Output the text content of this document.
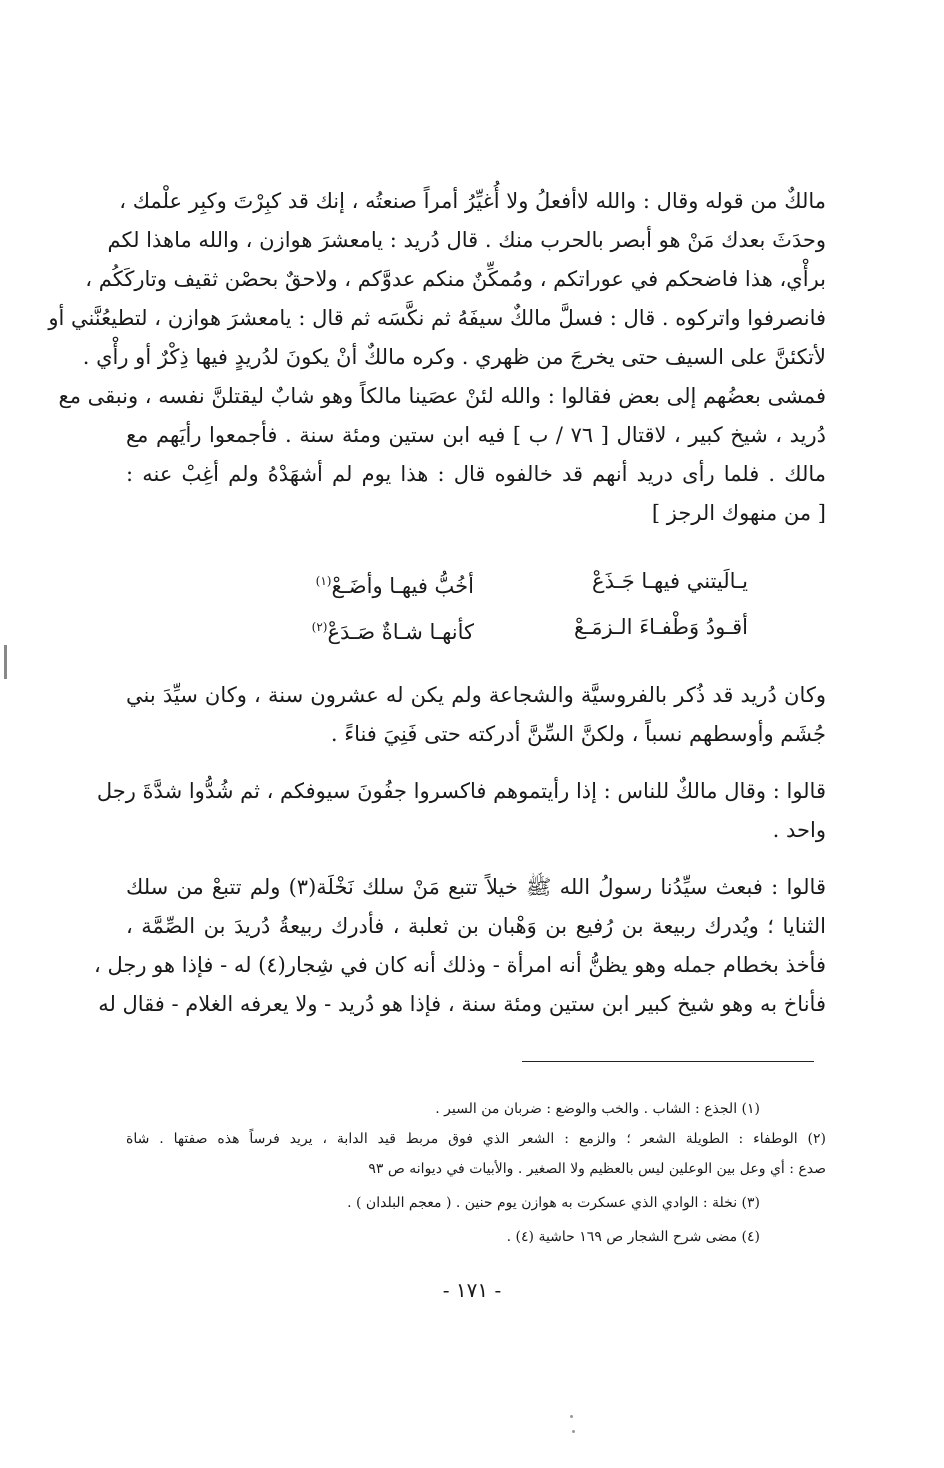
مالكٌ من قوله وقال : والله لاأفعلُ ولا أُغيِّرُ أمراً صنعتُه ، إنك قد كبِرْتَ وكبِر علْمك ،
وحدَثَ بعدك مَنْ هو أبصر بالحرب منك . قال دُريد : يامعشرَ هوازن ، والله ماهذا لكم
برأْي، هذا فاضحكم في عوراتكم ، ومُمكِّنٌ منكم عدوَّكم ، ولاحقٌ بحصْن ثقيف وتاركَكُم ،
فانصرفوا واتركوه . قال : فسلَّ مالكٌ سيفَهُ ثم نكَّسَه ثم قال : يامعشرَ هوازن ، لتطيعُنَّني أو
لأتكئنَّ على السيف حتى يخرجَ من ظهري . وكره مالكٌ أنْ يكونَ لدُريدٍ فيها ذِكْرٌ أو رأْي .
فمشى بعضُهم إلى بعض فقالوا : والله لئنْ عصَينا مالكاً وهو شابٌ ليقتلنَّ نفسه ، ونبقى مع
دُريد ، شيخ كبير ، لاقتال [ ٧٦ / ب ] فيه ابن ستين ومئة سنة . فأجمعوا رأيَهم مع
مالك . فلما رأى دريد أنهم قد خالفوه قال : هذا يوم لم أشهَدْهُ ولم أغِبْ عنه :
[ من منهوك الرجز ]
يـالَيتني فيهـا جَـذَعْ
أخُبُّ فيهـا وأضَـعْ$^{(١)}$
أقـودُ وَطْفـاءَ الـزمَـعْ
كأنهـا شـاةٌ صَـدَعْ$^{(٢)}$
وكان دُريد قد ذُكر بالفروسيَّة والشجاعة ولم يكن له عشرون سنة ، وكان سيِّدَ بني
جُشَم وأوسطهم نسباً ، ولكنَّ السِّنَّ أدركته حتى فَنِيَ فناءً .
قالوا : وقال مالكٌ للناس : إذا رأيتموهم فاكسروا جفُونَ سيوفكم ، ثم شُدُّوا شدَّةَ رجل
واحد .
قالوا : فبعث سيِّدُنا رسولُ الله ﷺ خيلاً تتبع مَنْ سلك نَخْلَة(٣) ولم تتبعْ من سلك
الثنايا ؛ ويُدرك ربيعة بن رُفيع بن وَهْبان بن ثعلبة ، فأدرك ربيعةُ دُريدَ بن الصِّمَّة ،
فأخذ بخطام جمله وهو يظنُّ أنه امرأة - وذلك أنه كان في شِجار(٤) له - فإذا هو رجل ،
فأناخ به وهو شيخ كبير ابن ستين ومئة سنة ، فإذا هو دُريد - ولا يعرفه الغلام - فقال له
(١) الجذع : الشاب . والخب والوضع : ضربان من السير .
(٢) الوطفاء : الطويلة الشعر ؛ والزمع : الشعر الذي فوق مربط قيد الدابة ، يريد فرساً هذه صفتها . شاة
صدع : أي وعل بين الوعلين ليس بالعظيم ولا الصغير . والأبيات في ديوانه ص ٩٣
(٣) نخلة : الوادي الذي عسكرت به هوازن يوم حنين . ( معجم البلدان ) .
(٤) مضى شرح الشجار ص ١٦٩ حاشية (٤) .
- ١٧١ -
